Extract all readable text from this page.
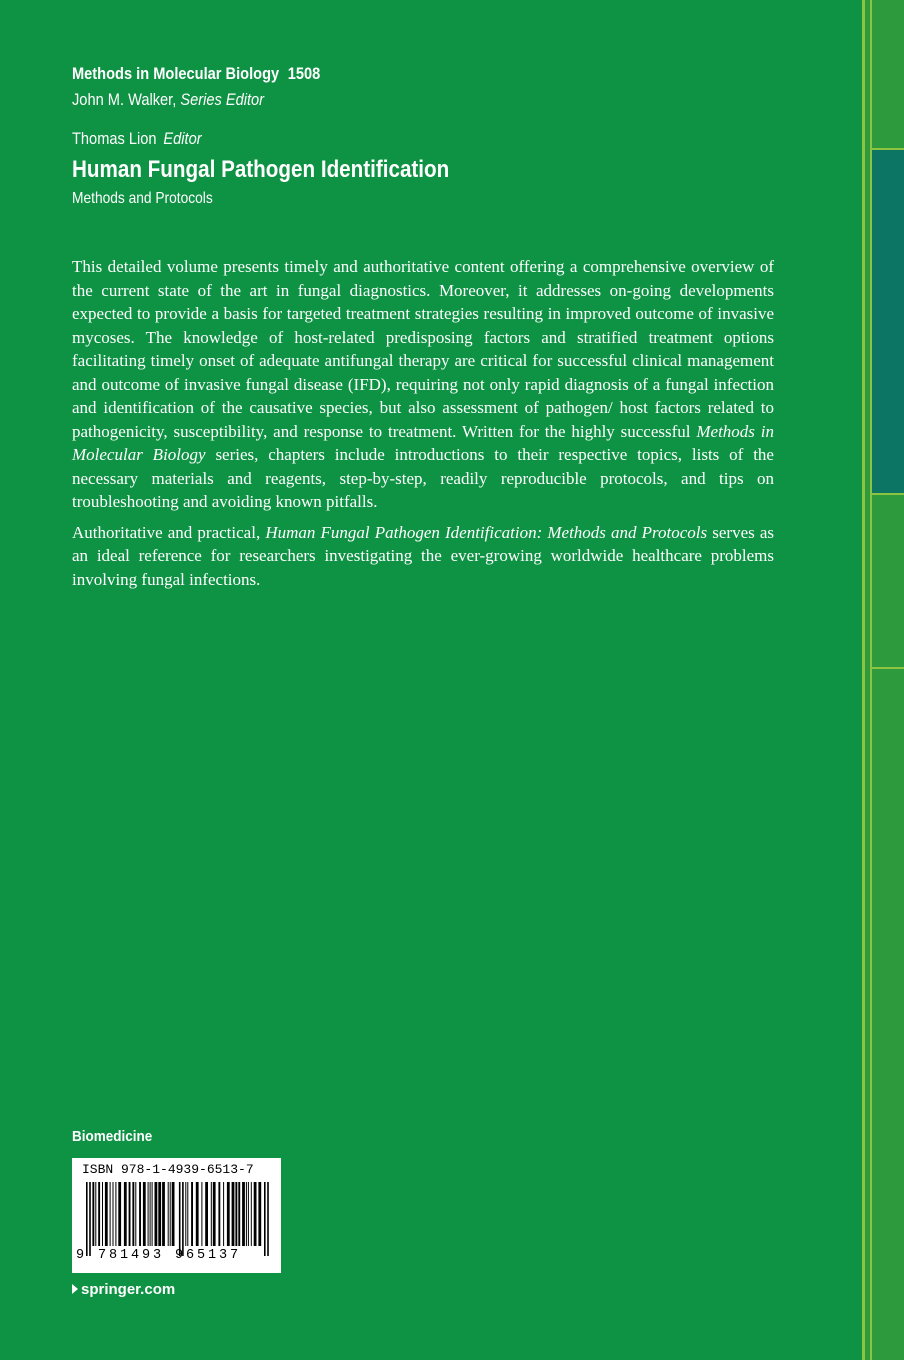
Methods in Molecular Biology 1508
John M. Walker, Series Editor
Thomas Lion Editor
Human Fungal Pathogen Identification
Methods and Protocols

This detailed volume presents timely and authoritative content offering a comprehensive overview of the current state of the art in fungal diagnostics. Moreover, it addresses on-going developments expected to provide a basis for targeted treatment strategies resulting in improved outcome of invasive mycoses. The knowledge of host-related predisposing factors and stratified treatment options facilitating timely onset of adequate antifungal therapy are critical for successful clinical management and outcome of invasive fungal disease (IFD), requiring not only rapid diagnosis of a fungal infection and identification of the causative species, but also assessment of pathogen/ host factors related to pathogenicity, susceptibility, and response to treatment. Written for the highly successful Methods in Molecular Biology series, chapters include introductions to their respective topics, lists of the necessary materials and reagents, step-by-step, readily reproducible protocols, and tips on troubleshooting and avoiding known pitfalls.

Authoritative and practical, Human Fungal Pathogen Identification: Methods and Protocols serves as an ideal reference for researchers investigating the ever-growing worldwide healthcare problems involving fungal infections.

Biomedicine
ISBN 978-1-4939-6513-7
9 781493 965137
springer.com
